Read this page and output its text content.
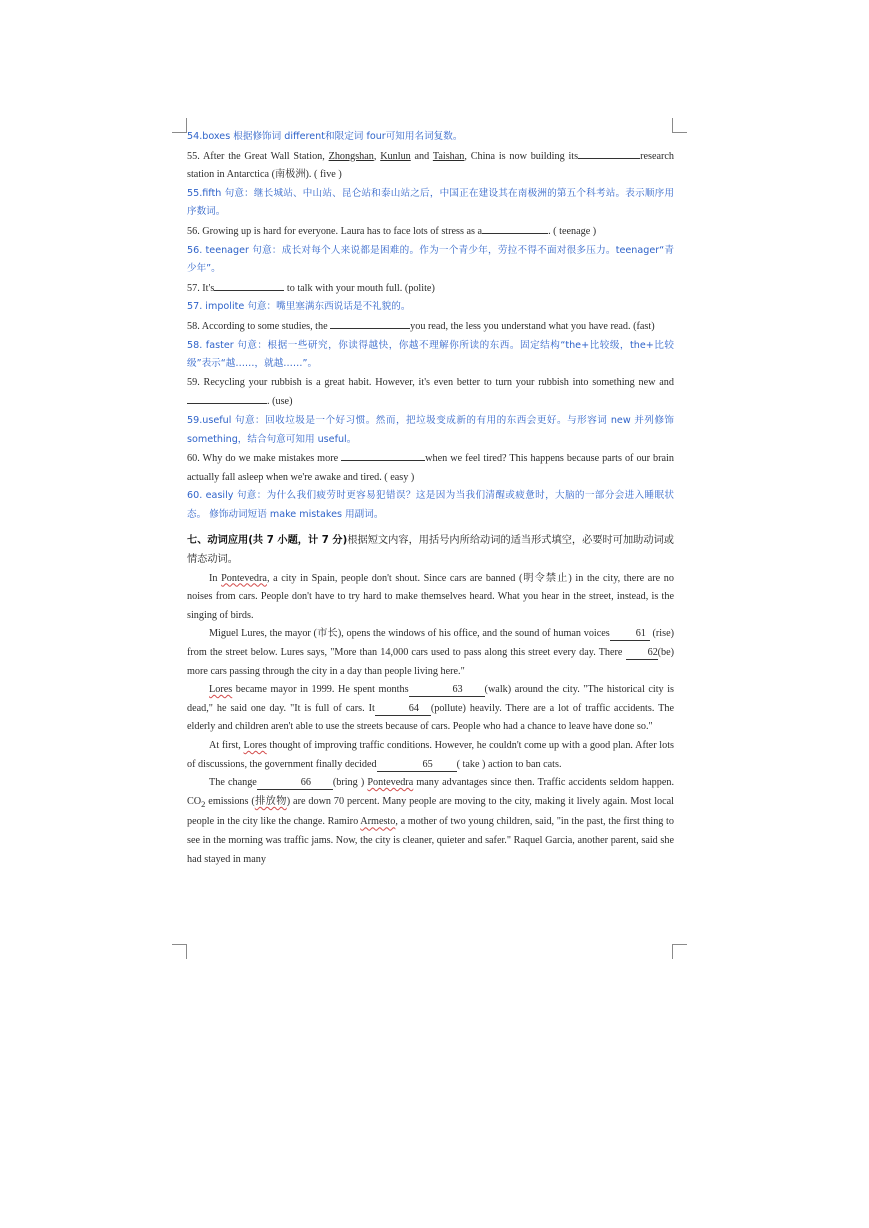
54.boxes 根据修饰词 different和限定词 four可知用名词复数。

55. After the Great Wall Station, Zhongshan, Kunlun and Taishan, China is now building its	research station in Antarctica (南极洲). ( five )

55.fifth 句意：继长城站、中山站、昆仑站和泰山站之后，中国正在建设其在南极洲的第五个科考站。表示顺序用序数词。

56. Growing up is hard for everyone. Laura has to face lots of stress as a	. ( teenage )

56. teenager 句意：成长对每个人来说都是困难的。作为一个青少年，劳拉不得不面对很多压力。teenager“青少年”。

57. It's	to talk with your mouth full. (polite)

57. impolite 句意：嘴里塞满东西说话是不礼貌的。

58. According to some studies, the	you read, the less you understand what you have read. (fast)

58. faster 句意：根据一些研究，你读得越快，你越不理解你所读的东西。固定结构“the+比较级，the+比较级”表示“越……，就越……”。

59. Recycling your rubbish is a great habit. However, it's even better to turn your rubbish into something new and. (use)

59.useful 句意：回收垃圾是一个好习惯。然而，把垃圾变成新的有用的东西会更好。与形容词 new 并列修饰 something，结合句意可知用 useful。

60. Why do we make mistakes more	when we feel tired? This happens because parts of our brain actually fall asleep when we're awake and tired. ( easy )

60. easily 句意：为什么我们疲劳时更容易犯错误？这是因为当我们清醒或疲惫时，大脑的一部分会进入睡眠状态。 修饰动词短语 make mistakes 用副词。

七、动词应用(共 7 小题，计 7 分)根据短文内容，用括号内所给动词的适当形式填空，必要时可加助动词或情态动词。

In Pontevedra, a city in Spain, people don't shout. Since cars are banned (明令禁止) in the city, there are no noises from cars. People don't have to try hard to make themselves heard. What you hear in the street, instead, is the singing of birds.

Miguel Lures, the mayor (市长), opens the windows of his office, and the sound of human voices	61 (rise) from the street below. Lures says, "More than 14,000 cars used to pass along this street every day. There 62(be) more cars passing through the city in a day than people living here."

Lores became mayor in 1999. He spent months	63 (walk) around the city. "The historical city is dead," he said one day. "It is full of cars. It	64 (pollute) heavily. There are a lot of traffic accidents. The elderly and children aren't able to use the streets because of cars. People who had a chance to leave have done so."

At first, Lores thought of improving traffic conditions. However, he couldn't come up with a good plan. After lots of discussions, the government finally decided	65 ( take ) action to ban cats.

The change	66 (bring ) Pontevedra many advantages since then. Traffic accidents seldom happen. $CO_2$ emissions (排放物) are down 70 percent. Many people are moving to the city, making it lively again. Most local people in the city like the change. Ramiro Armesto, a mother of two young children, said, "in the past, the first thing to see in the morning was traffic jams. Now, the city is cleaner, quieter and safer." Raquel Garcia, another parent, said she had stayed in many
